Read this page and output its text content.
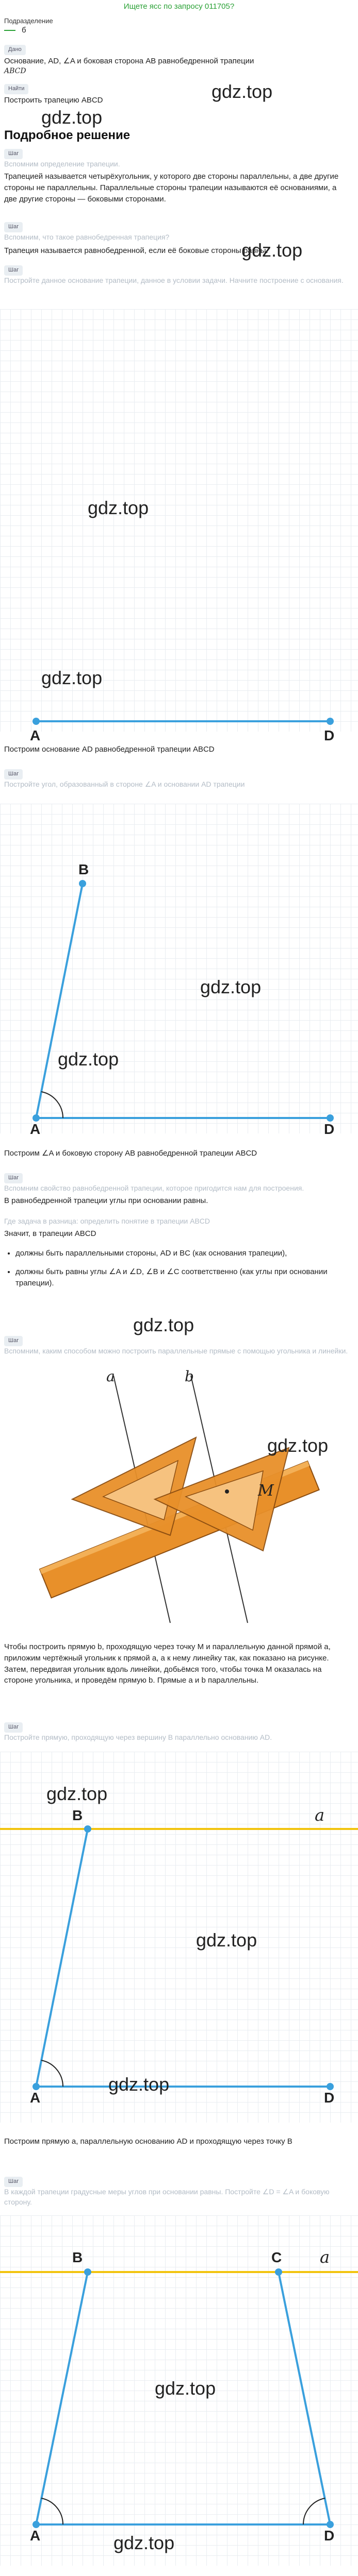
Ищете ясс по запросу 011705?
Подразделение
б
Дано
Основание, AD, ∠A и боковая сторона AB равнобедренной трапеции
ABCD
gdz.top
Найти
Построить трапецию ABCD
gdz.top
Подробное решение
Шаг
Вспомним определение трапеции.
Трапецией называется четырёхугольник, у которого две стороны параллельны, а две другие стороны не параллельны. Параллельные стороны трапеции называются её основаниями, а две другие стороны — боковыми сторонами.
Шаг
Вспомним, что такое равнобедренная трапеция?
gdz.top
Трапеция называется равнобедренной, если её боковые стороны равны.
Шаг
Постройте данное основание трапеции, данное в условии задачи. Начните построение с основания.
gdz.top
gdz.top
A	D
Построим основание AD равнобедренной трапеции ABCD
Шаг
Постройте угол, образованный в стороне ∠A и основании AD трапеции
gdz.top
gdz.top
B
A	D
Построим ∠A и боковую сторону AB равнобедренной трапеции ABCD
Шаг
Вспомним свойство равнобедренной трапеции, которое пригодится нам для построения.
В равнобедренной трапеции углы при основании равны.
Где задача в разница: определить понятие в трапеции ABCD
Значит, в трапеции ABCD
• должны быть параллельными стороны, AD и BC (как основания трапеции),
• должны быть равны углы ∠A и ∠D, ∠B и ∠C соответственно (как углы при основании трапеции).
gdz.top
Шаг
Вспомним, каким способом можно построить параллельные прямые с помощью угольника и линейки.
a	b
M
gdz.top
Чтобы построить прямую b, проходящую через точку M и параллельную данной прямой a, приложим чертёжный угольник к прямой a, а к нему линейку так, как показано на рисунке. Затем, передвигая угольник вдоль линейки, добьёмся того, чтобы точка M оказалась на стороне угольника, и проведём прямую b. Прямые a и b параллельны.
Шаг
Постройте прямую, проходящую через вершину B параллельно основанию AD.
gdz.top
gdz.top
gdz.top
B	a
A	D
Построим прямую a, параллельную основанию AD и проходящую через точку B
Шаг
В каждой трапеции градусные меры углов при основании равны. Постройте ∠D = ∠A и боковую сторону.
gdz.top
gdz.top
B	C a
A	D
